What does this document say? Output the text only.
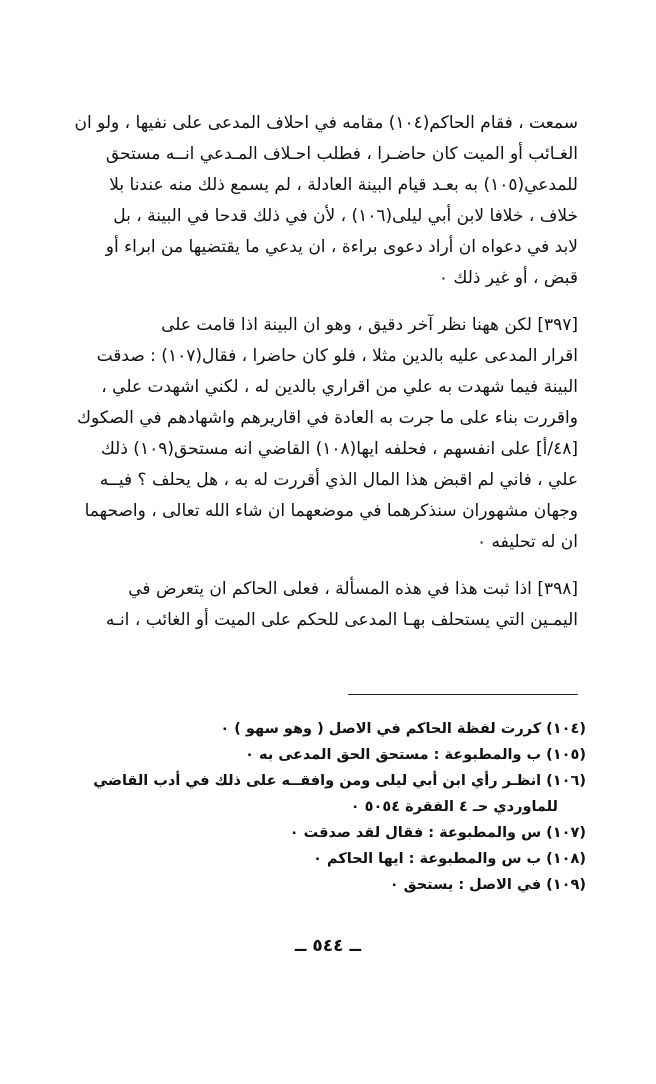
سمعت ، فقام الحاكم(١٠٤) مقامه في احلاف المدعى على نفيها ، ولو ان
الغـائب أو الميت كان حاضـرا ، فطلب احـلاف المـدعي انــه مستحق
للمدعي(١٠٥) به بعـد قيام البينة العادلة ، لم يسمع ذلك منه عندنا بلا
خلاف ، خلافا لابن أبي ليلى(١٠٦) ، لأن في ذلك قدحا في البينة ، بل
لابد في دعواه ان أراد دعوى براءة ، ان يدعي ما يقتضيها من ابراء أو
قبض ، أو غير ذلك ٠
[٣٩٧] لكن ههنا نظر آخر دقيق ، وهو ان البينة اذا قامت على
اقرار المدعى عليه بالدين مثلا ، فلو كان حاضرا ، فقال(١٠٧) : صدقت
البينة فيما شهدت به علي من اقراري بالدين له ، لكني اشهدت علي ،
واقررت بناء على ما جرت به العادة في اقاريرهم واشهادهم في الصكوك
[٤٨/أ] على انفسهم ، فحلفه ايها(١٠٨) القاضي انه مستحق(١٠٩) ذلك
علي ، فاني لم اقبض هذا المال الذي أقررت له به ، هل يحلف ؟ فيــه
وجهان مشهوران سنذكرهما في موضعهما ان شاء الله تعالى ، واصحهما
ان له تحليفه ٠
[٣٩٨] اذا ثبت هذا في هذه المسألة ، فعلى الحاكم ان يتعرض في
اليمـين التي يستحلف بهـا المدعى للحكم على الميت أو الغائب ، انـه
(١٠٤) كررت لفظة الحاكم في الاصل ( وهو سهو ) ٠
(١٠٥) ب والمطبوعة : مستحق الحق المدعى به ٠
(١٠٦) انظـر رأي ابن أبي ليلى ومن وافقــه على ذلك في أدب القاضي
للماوردي حـ ٤ الفقرة ٥٠٥٤ ٠
(١٠٧) س والمطبوعة : فقال لقد صدقت ٠
(١٠٨) ب س والمطبوعة : ايها الحاكم ٠
(١٠٩) في الاصل : يستحق ٠
ــ ٥٤٤ ــ
